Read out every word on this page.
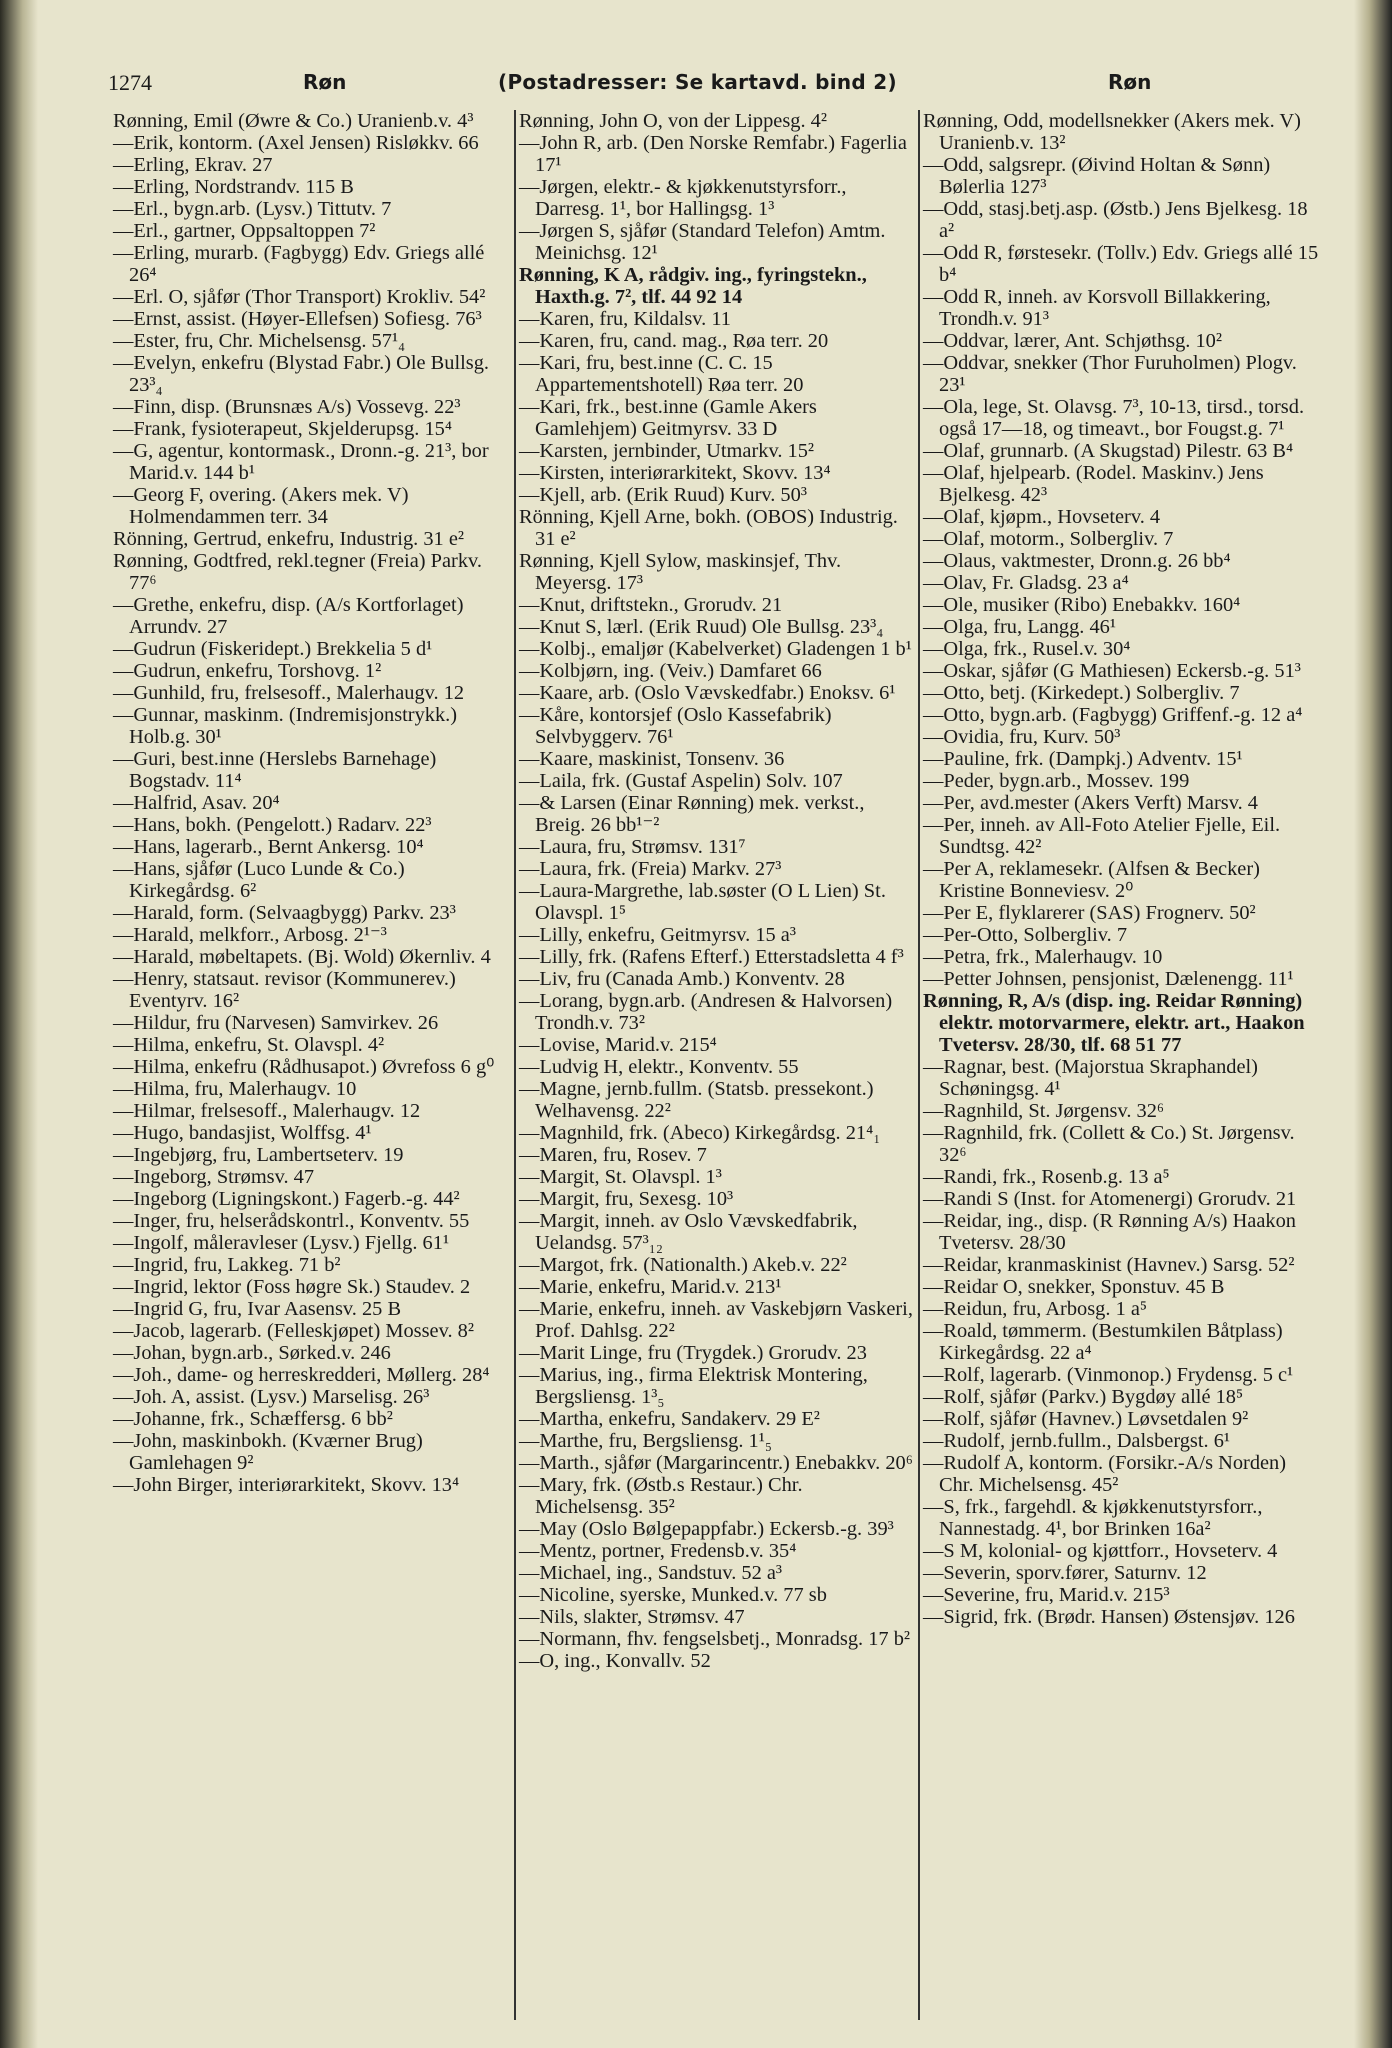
1274	Røn	(Postadresser: Se kartavd. bind 2)	Røn

Rønning, Emil (Øwre & Co.) Uranienb.v. 4³

—Erik, kontorm. (Axel Jensen) Risløkkv. 66

—Erling, Ekrav. 27

—Erling, Nordstrandv. 115 B

—Erl., bygn.arb. (Lysv.) Tittutv. 7

—Erl., gartner, Oppsaltoppen 7²

—Erling, murarb. (Fagbygg) Edv. Griegs allé 26⁴

—Erl. O, sjåfør (Thor Transport) Krokliv. 54²

—Ernst, assist. (Høyer-Ellefsen) Sofiesg. 76³

—Ester, fru, Chr. Michelsensg. 57¹₄

—Evelyn, enkefru (Blystad Fabr.) Ole Bullsg. 23³₄

—Finn, disp. (Brunsnæs A/s) Vossevg. 22³

—Frank, fysioterapeut, Skjelderupsg. 15⁴

—G, agentur, kontormask., Dronn.-g. 21³, bor Marid.v. 144 b¹

—Georg F, overing. (Akers mek. V) Holmendammen terr. 34

Rönning, Gertrud, enkefru, Industrig. 31 e²

Rønning, Godtfred, rekl.tegner (Freia) Parkv. 77⁶

—Grethe, enkefru, disp. (A/s Kortforlaget) Arrundv. 27

—Gudrun (Fiskeridept.) Brekkelia 5 d¹

—Gudrun, enkefru, Torshovg. 1²

—Gunhild, fru, frelsesoff., Malerhaugv. 12

—Gunnar, maskinm. (Indremisjonstrykk.) Holb.g. 30¹

—Guri, best.inne (Herslebs Barnehage) Bogstadv. 11⁴

—Halfrid, Asav. 20⁴

—Hans, bokh. (Pengelott.) Radarv. 22³

—Hans, lagerarb., Bernt Ankersg. 10⁴

—Hans, sjåfør (Luco Lunde & Co.) Kirkegårdsg. 6²

—Harald, form. (Selvaagbygg) Parkv. 23³

—Harald, melkforr., Arbosg. 2¹⁻³

—Harald, møbeltapets. (Bj. Wold) Økernliv. 4

—Henry, statsaut. revisor (Kommunerev.) Eventyrv. 16²

—Hildur, fru (Narvesen) Samvirkev. 26

—Hilma, enkefru, St. Olavspl. 4²

—Hilma, enkefru (Rådhusapot.) Øvrefoss 6 g⁰

—Hilma, fru, Malerhaugv. 10

—Hilmar, frelsesoff., Malerhaugv. 12

—Hugo, bandasjist, Wolffsg. 4¹

—Ingebjørg, fru, Lambertseterv. 19

—Ingeborg, Strømsv. 47

—Ingeborg (Ligningskont.) Fagerb.-g. 44²

—Inger, fru, helserådskontrl., Konventv. 55

—Ingolf, måleravleser (Lysv.) Fjellg. 61¹

—Ingrid, fru, Lakkeg. 71 b²

—Ingrid, lektor (Foss høgre Sk.) Staudev. 2

—Ingrid G, fru, Ivar Aasensv. 25 B

—Jacob, lagerarb. (Felleskjøpet) Mossev. 8²

—Johan, bygn.arb., Sørked.v. 246

—Joh., dame- og herreskredderi, Møllerg. 28⁴

—Joh. A, assist. (Lysv.) Marselisg. 26³

—Johanne, frk., Schæffersg. 6 bb²

—John, maskinbokh. (Kværner Brug) Gamlehagen 9²

—John Birger, interiørarkitekt, Skovv. 13⁴

Rønning, John O, von der Lippesg. 4²

—John R, arb. (Den Norske Remfabr.) Fagerlia 17¹

—Jørgen, elektr.- & kjøkkenutstyrsforr., Darresg. 1¹, bor Hallingsg. 1³

—Jørgen S, sjåfør (Standard Telefon) Amtm. Meinichsg. 12¹

Rønning, K A, rådgiv. ing., fyringstekn., Haxth.g. 7², tlf. 44 92 14

—Karen, fru, Kildalsv. 11

—Karen, fru, cand. mag., Røa terr. 20

—Kari, fru, best.inne (C. C. 15 Appartementshotell) Røa terr. 20

—Kari, frk., best.inne (Gamle Akers Gamlehjem) Geitmyrsv. 33 D

—Karsten, jernbinder, Utmarkv. 15²

—Kirsten, interiørarkitekt, Skovv. 13⁴

—Kjell, arb. (Erik Ruud) Kurv. 50³

Rönning, Kjell Arne, bokh. (OBOS) Industrig. 31 e²

Rønning, Kjell Sylow, maskinsjef, Thv. Meyersg. 17³

—Knut, driftstekn., Grorudv. 21

—Knut S, lærl. (Erik Ruud) Ole Bullsg. 23³₄

—Kolbj., emaljør (Kabelverket) Gladengen 1 b¹

—Kolbjørn, ing. (Veiv.) Damfaret 66

—Kaare, arb. (Oslo Vævskedfabr.) Enoksv. 6¹

—Kåre, kontorsjef (Oslo Kassefabrik) Selvbyggerv. 76¹

—Kaare, maskinist, Tonsenv. 36

—Laila, frk. (Gustaf Aspelin) Solv. 107

—& Larsen (Einar Rønning) mek. verkst., Breig. 26 bb¹⁻²

—Laura, fru, Strømsv. 131⁷

—Laura, frk. (Freia) Markv. 27³

—Laura-Margrethe, lab.søster (O L Lien) St. Olavspl. 1⁵

—Lilly, enkefru, Geitmyrsv. 15 a³

—Lilly, frk. (Rafens Efterf.) Etterstadsletta 4 f³

—Liv, fru (Canada Amb.) Konventv. 28

—Lorang, bygn.arb. (Andresen & Halvorsen) Trondh.v. 73²

—Lovise, Marid.v. 215⁴

—Ludvig H, elektr., Konventv. 55

—Magne, jernb.fullm. (Statsb. pressekont.) Welhavensg. 22²

—Magnhild, frk. (Abeco) Kirkegårdsg. 21⁴₁

—Maren, fru, Rosev. 7

—Margit, St. Olavspl. 1³

—Margit, fru, Sexesg. 10³

—Margit, inneh. av Oslo Vævskedfabrik, Uelandsg. 57³₁₂

—Margot, frk. (Nationalth.) Akeb.v. 22²

—Marie, enkefru, Marid.v. 213¹

—Marie, enkefru, inneh. av Vaskebjørn Vaskeri, Prof. Dahlsg. 22²

—Marit Linge, fru (Trygdek.) Grorudv. 23

—Marius, ing., firma Elektrisk Montering, Bergsliensg. 1³₅

—Martha, enkefru, Sandakerv. 29 E²

—Marthe, fru, Bergsliensg. 1¹₅

—Marth., sjåfør (Margarincentr.) Enebakkv. 20⁶

—Mary, frk. (Østb.s Restaur.) Chr. Michelsensg. 35²

—May (Oslo Bølgepappfabr.) Eckersb.-g. 39³

—Mentz, portner, Fredensb.v. 35⁴

—Michael, ing., Sandstuv. 52 a³

—Nicoline, syerske, Munked.v. 77 sb

—Nils, slakter, Strømsv. 47

—Normann, fhv. fengselsbetj., Monradsg. 17 b²

—O, ing., Konvallv. 52

Rønning, Odd, modellsnekker (Akers mek. V) Uranienb.v. 13²

—Odd, salgsrepr. (Øivind Holtan & Sønn) Bølerlia 127³

—Odd, stasj.betj.asp. (Østb.) Jens Bjelkesg. 18 a²

—Odd R, førstesekr. (Tollv.) Edv. Griegs allé 15 b⁴

—Odd R, inneh. av Korsvoll Billakkering, Trondh.v. 91³

—Oddvar, lærer, Ant. Schjøthsg. 10²

—Oddvar, snekker (Thor Furuholmen) Plogv. 23¹

—Ola, lege, St. Olavsg. 7³, 10-13, tirsd., torsd. også 17—18, og timeavt., bor Fougst.g. 7¹

—Olaf, grunnarb. (A Skugstad) Pilestr. 63 B⁴

—Olaf, hjelpearb. (Rodel. Maskinv.) Jens Bjelkesg. 42³

—Olaf, kjøpm., Hovseterv. 4

—Olaf, motorm., Solbergliv. 7

—Olaus, vaktmester, Dronn.g. 26 bb⁴

—Olav, Fr. Gladsg. 23 a⁴

—Ole, musiker (Ribo) Enebakkv. 160⁴

—Olga, fru, Langg. 46¹

—Olga, frk., Rusel.v. 30⁴

—Oskar, sjåfør (G Mathiesen) Eckersb.-g. 51³

—Otto, betj. (Kirkedept.) Solbergliv. 7

—Otto, bygn.arb. (Fagbygg) Griffenf.-g. 12 a⁴

—Ovidia, fru, Kurv. 50³

—Pauline, frk. (Dampkj.) Adventv. 15¹

—Peder, bygn.arb., Mossev. 199

—Per, avd.mester (Akers Verft) Marsv. 4

—Per, inneh. av All-Foto Atelier Fjelle, Eil. Sundtsg. 42²

—Per A, reklamesekr. (Alfsen & Becker) Kristine Bonneviesv. 2⁰

—Per E, flyklarerer (SAS) Frognerv. 50²

—Per-Otto, Solbergliv. 7

—Petra, frk., Malerhaugv. 10

—Petter Johnsen, pensjonist, Dælenengg. 11¹

Rønning, R, A/s (disp. ing. Reidar Rønning) elektr. motorvarmere, elektr. art., Haakon Tvetersv. 28/30, tlf. 68 51 77

—Ragnar, best. (Majorstua Skraphandel) Schøningsg. 4¹

—Ragnhild, St. Jørgensv. 32⁶

—Ragnhild, frk. (Collett & Co.) St. Jørgensv. 32⁶

—Randi, frk., Rosenb.g. 13 a⁵

—Randi S (Inst. for Atomenergi) Grorudv. 21

—Reidar, ing., disp. (R Rønning A/s) Haakon Tvetersv. 28/30

—Reidar, kranmaskinist (Havnev.) Sarsg. 52²

—Reidar O, snekker, Sponstuv. 45 B

—Reidun, fru, Arbosg. 1 a⁵

—Roald, tømmerm. (Bestumkilen Båtplass) Kirkegårdsg. 22 a⁴

—Rolf, lagerarb. (Vinmonop.) Frydensg. 5 c¹

—Rolf, sjåfør (Parkv.) Bygdøy allé 18⁵

—Rolf, sjåfør (Havnev.) Løvsetdalen 9²

—Rudolf, jernb.fullm., Dalsbergst. 6¹

—Rudolf A, kontorm. (Forsikr.-A/s Norden) Chr. Michelsensg. 45²

—S, frk., fargehdl. & kjøkkenutstyrsforr., Nannestadg. 4¹, bor Brinken 16a²

—S M, kolonial- og kjøttforr., Hovseterv. 4

—Severin, sporv.fører, Saturnv. 12

—Severine, fru, Marid.v. 215³

—Sigrid, frk. (Brødr. Hansen) Østensjøv. 126
